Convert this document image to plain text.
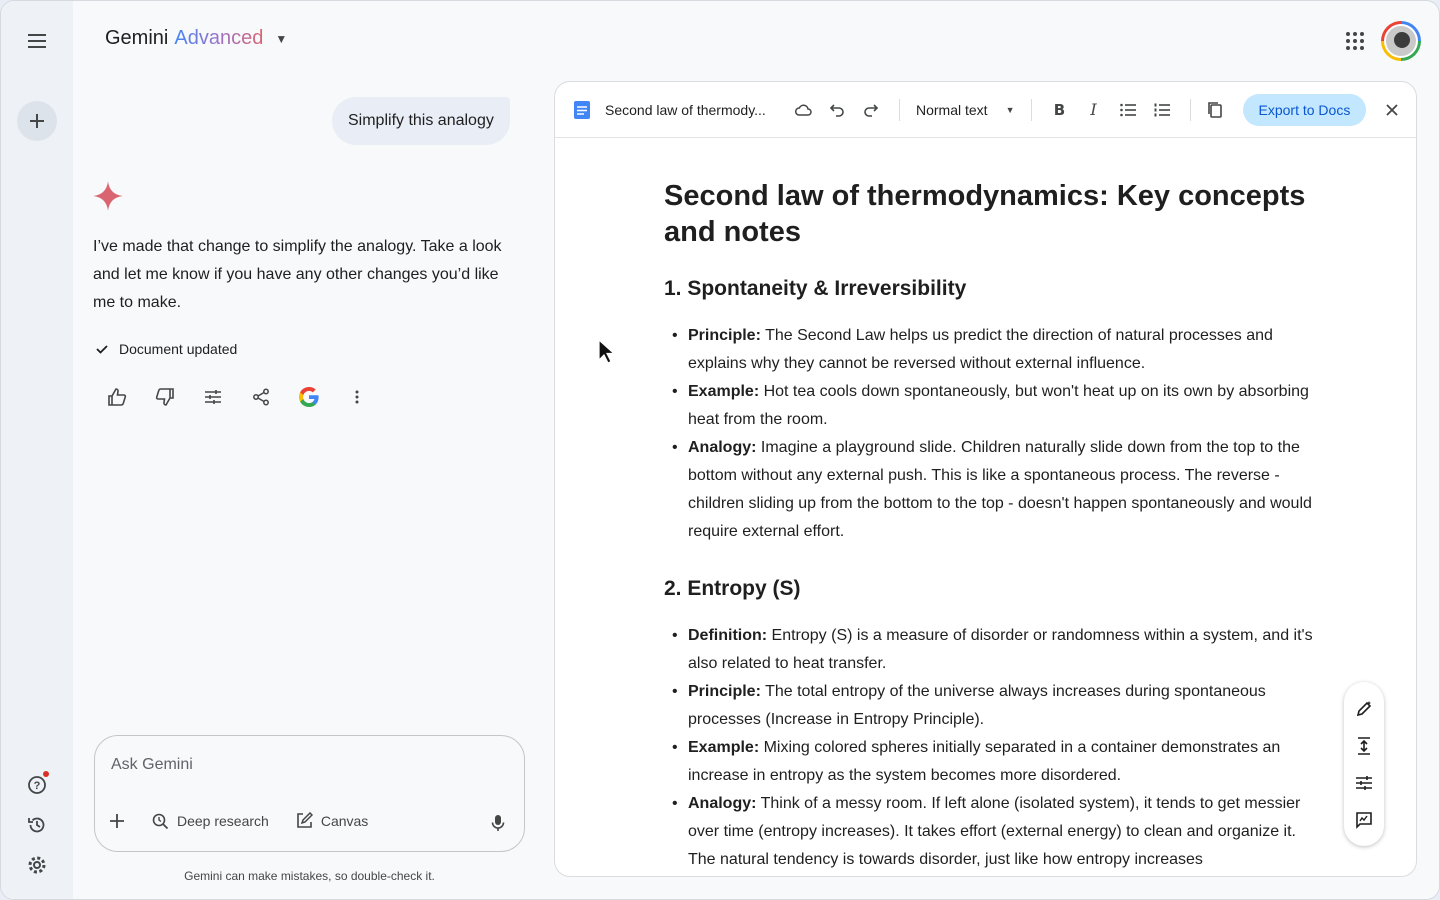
?
Gemini Advanced ▼
Simplify this analogy
I’ve made that change to simplify the analogy. Take a look and let me know if you have any other changes you’d like me to make.
Document updated
Ask Gemini
Deep research	Canvas
Gemini can make mistakes, so double-check it.
Second law of thermody...	Normal text ▼	B I	Export to Docs
Second law of thermodynamics: Key concepts and notes
1. Spontaneity & Irreversibility
• Principle: The Second Law helps us predict the direction of natural processes and explains why they cannot be reversed without external influence.
• Example: Hot tea cools down spontaneously, but won't heat up on its own by absorbing heat from the room.
• Analogy: Imagine a playground slide. Children naturally slide down from the top to the bottom without any external push. This is like a spontaneous process. The reverse - children sliding up from the bottom to the top - doesn't happen spontaneously and would require external effort.
2. Entropy (S)
• Definition: Entropy (S) is a measure of disorder or randomness within a system, and it's also related to heat transfer.
• Principle: The total entropy of the universe always increases during spontaneous processes (Increase in Entropy Principle).
• Example: Mixing colored spheres initially separated in a container demonstrates an increase in entropy as the system becomes more disordered.
• Analogy: Think of a messy room. If left alone (isolated system), it tends to get messier over time (entropy increases). It takes effort (external energy) to clean and organize it. The natural tendency is towards disorder, just like how entropy increases
